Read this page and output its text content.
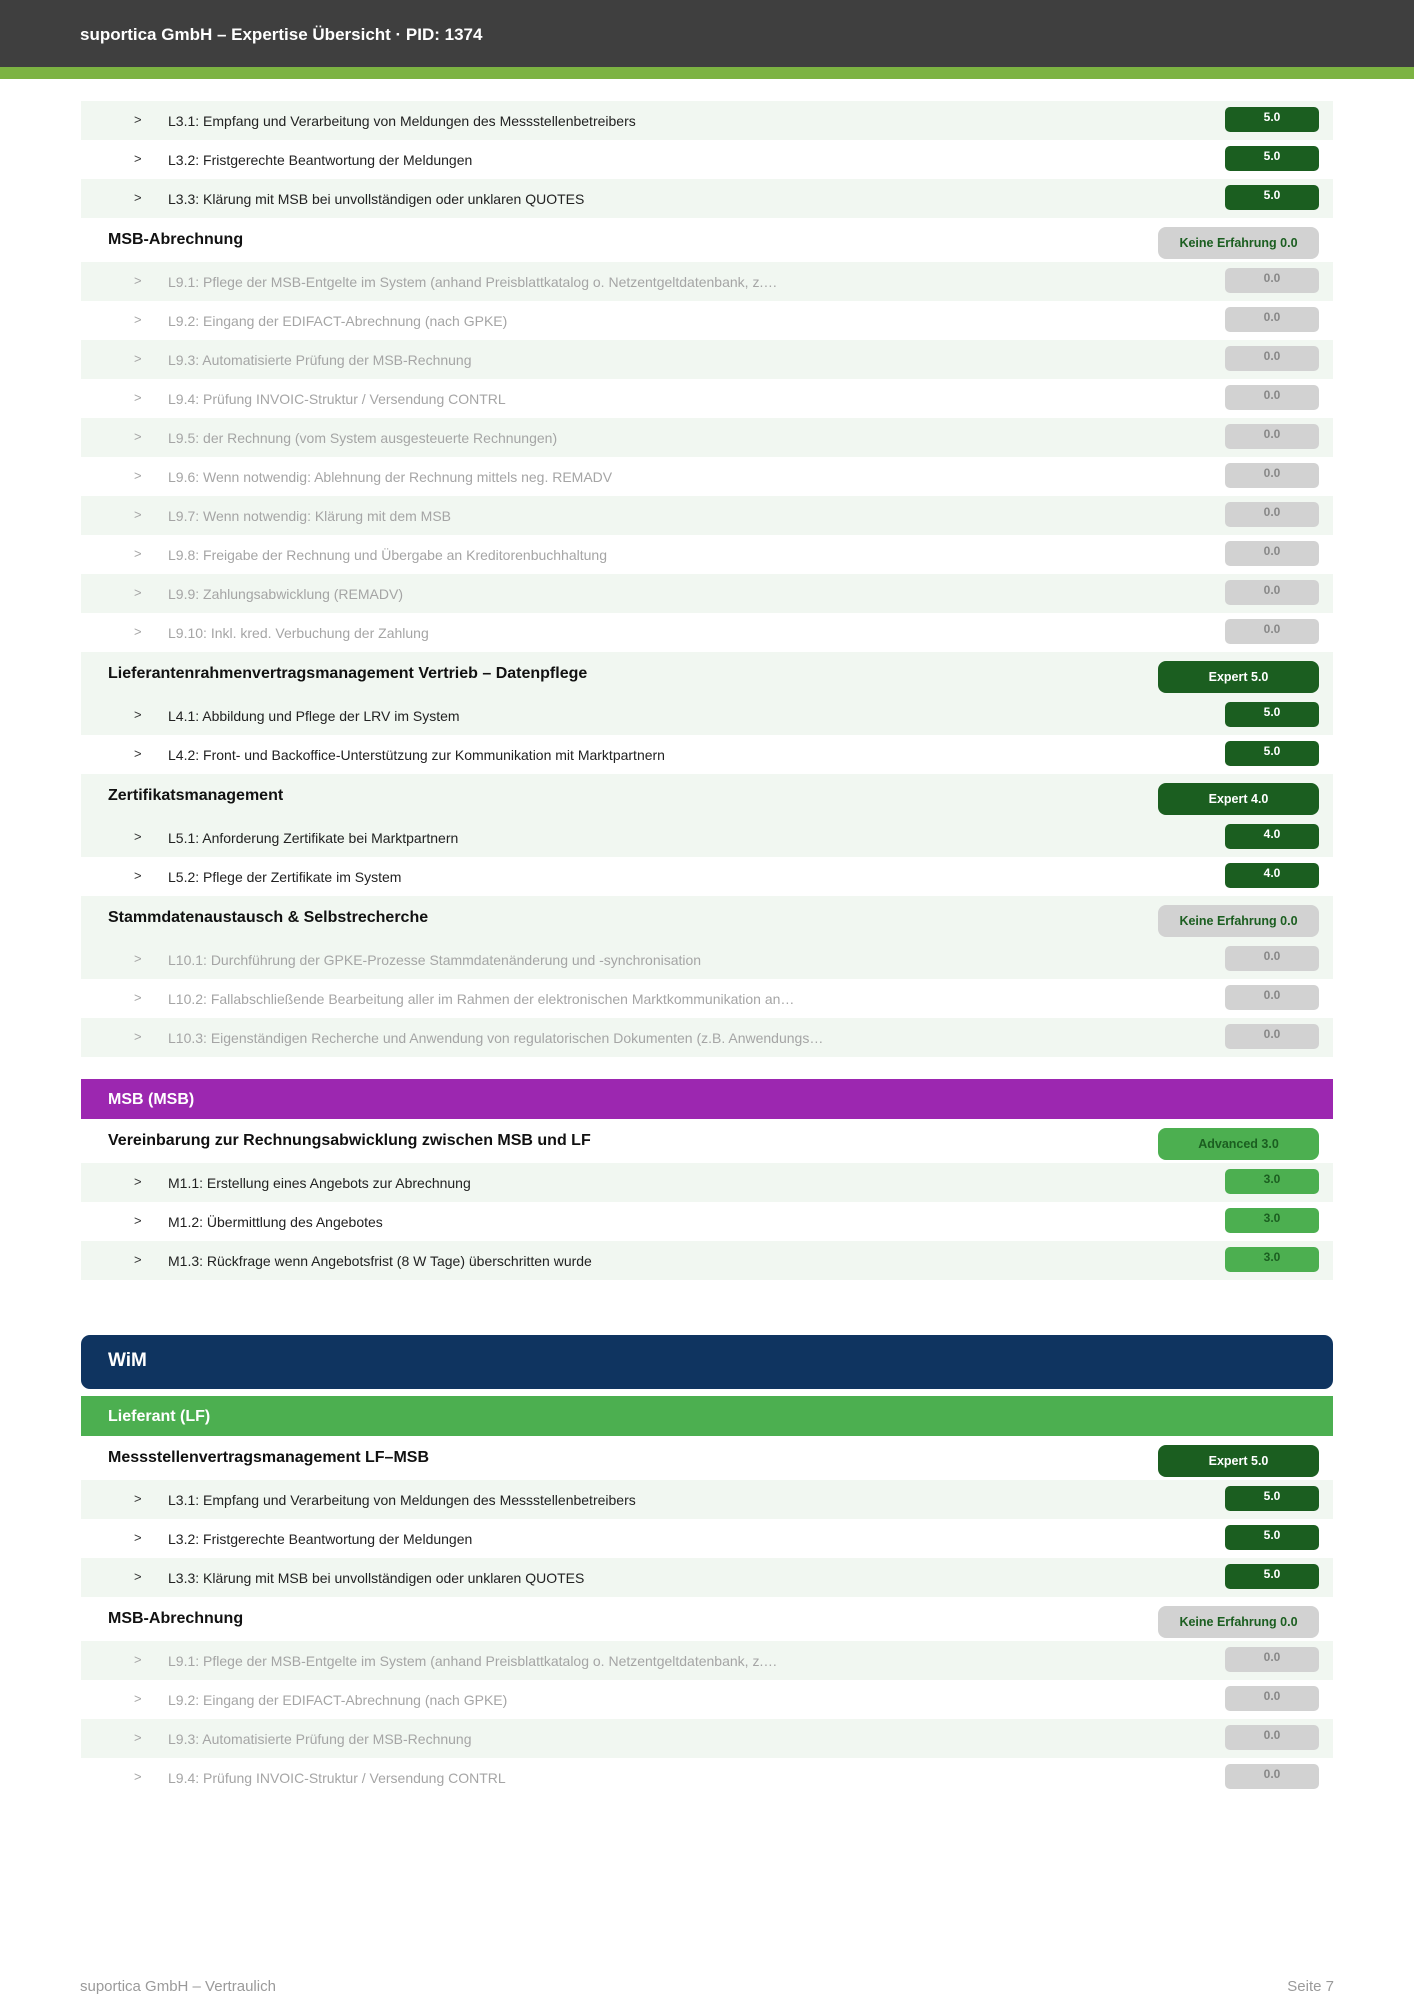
suportica GmbH – Expertise Übersicht · PID: 1374
> L3.1: Empfang und Verarbeitung von Meldungen des Messstellenbetreibers	5.0
> L3.2: Fristgerechte Beantwortung der Meldungen	5.0
> L3.3: Klärung mit MSB bei unvollständigen oder unklaren QUOTES	5.0
MSB-Abrechnung	Keine Erfahrung 0.0
> L9.1: Pflege der MSB-Entgelte im System (anhand Preisblattkatalog o. Netzentgeltdatenbank, z.…	0.0
> L9.2: Eingang der EDIFACT-Abrechnung (nach GPKE)	0.0
> L9.3: Automatisierte Prüfung der MSB-Rechnung	0.0
> L9.4: Prüfung INVOIC-Struktur / Versendung CONTRL	0.0
> L9.5: der Rechnung (vom System ausgesteuerte Rechnungen)	0.0
> L9.6: Wenn notwendig: Ablehnung der Rechnung mittels neg. REMADV	0.0
> L9.7: Wenn notwendig: Klärung mit dem MSB	0.0
> L9.8: Freigabe der Rechnung und Übergabe an Kreditorenbuchhaltung	0.0
> L9.9: Zahlungsabwicklung (REMADV)	0.0
> L9.10: Inkl. kred. Verbuchung der Zahlung	0.0
Lieferantenrahmenvertragsmanagement Vertrieb – Datenpflege	Expert 5.0
> L4.1: Abbildung und Pflege der LRV im System	5.0
> L4.2: Front- und Backoffice-Unterstützung zur Kommunikation mit Marktpartnern	5.0
Zertifikatsmanagement	Expert 4.0
> L5.1: Anforderung Zertifikate bei Marktpartnern	4.0
> L5.2: Pflege der Zertifikate im System	4.0
Stammdatenaustausch & Selbstrecherche	Keine Erfahrung 0.0
> L10.1: Durchführung der GPKE-Prozesse Stammdatenänderung und -synchronisation	0.0
> L10.2: Fallabschließende Bearbeitung aller im Rahmen der elektronischen Marktkommunikation an…	0.0
> L10.3: Eigenständigen Recherche und Anwendung von regulatorischen Dokumenten (z.B. Anwendungs…	0.0
MSB (MSB)
Vereinbarung zur Rechnungsabwicklung zwischen MSB und LF	Advanced 3.0
> M1.1: Erstellung eines Angebots zur Abrechnung	3.0
> M1.2: Übermittlung des Angebotes	3.0
> M1.3: Rückfrage wenn Angebotsfrist (8 W Tage) überschritten wurde	3.0
WiM
Lieferant (LF)
Messstellenvertragsmanagement LF–MSB	Expert 5.0
> L3.1: Empfang und Verarbeitung von Meldungen des Messstellenbetreibers	5.0
> L3.2: Fristgerechte Beantwortung der Meldungen	5.0
> L3.3: Klärung mit MSB bei unvollständigen oder unklaren QUOTES	5.0
MSB-Abrechnung	Keine Erfahrung 0.0
> L9.1: Pflege der MSB-Entgelte im System (anhand Preisblattkatalog o. Netzentgeltdatenbank, z.…	0.0
> L9.2: Eingang der EDIFACT-Abrechnung (nach GPKE)	0.0
> L9.3: Automatisierte Prüfung der MSB-Rechnung	0.0
> L9.4: Prüfung INVOIC-Struktur / Versendung CONTRL	0.0
suportica GmbH – Vertraulich	Seite 7
